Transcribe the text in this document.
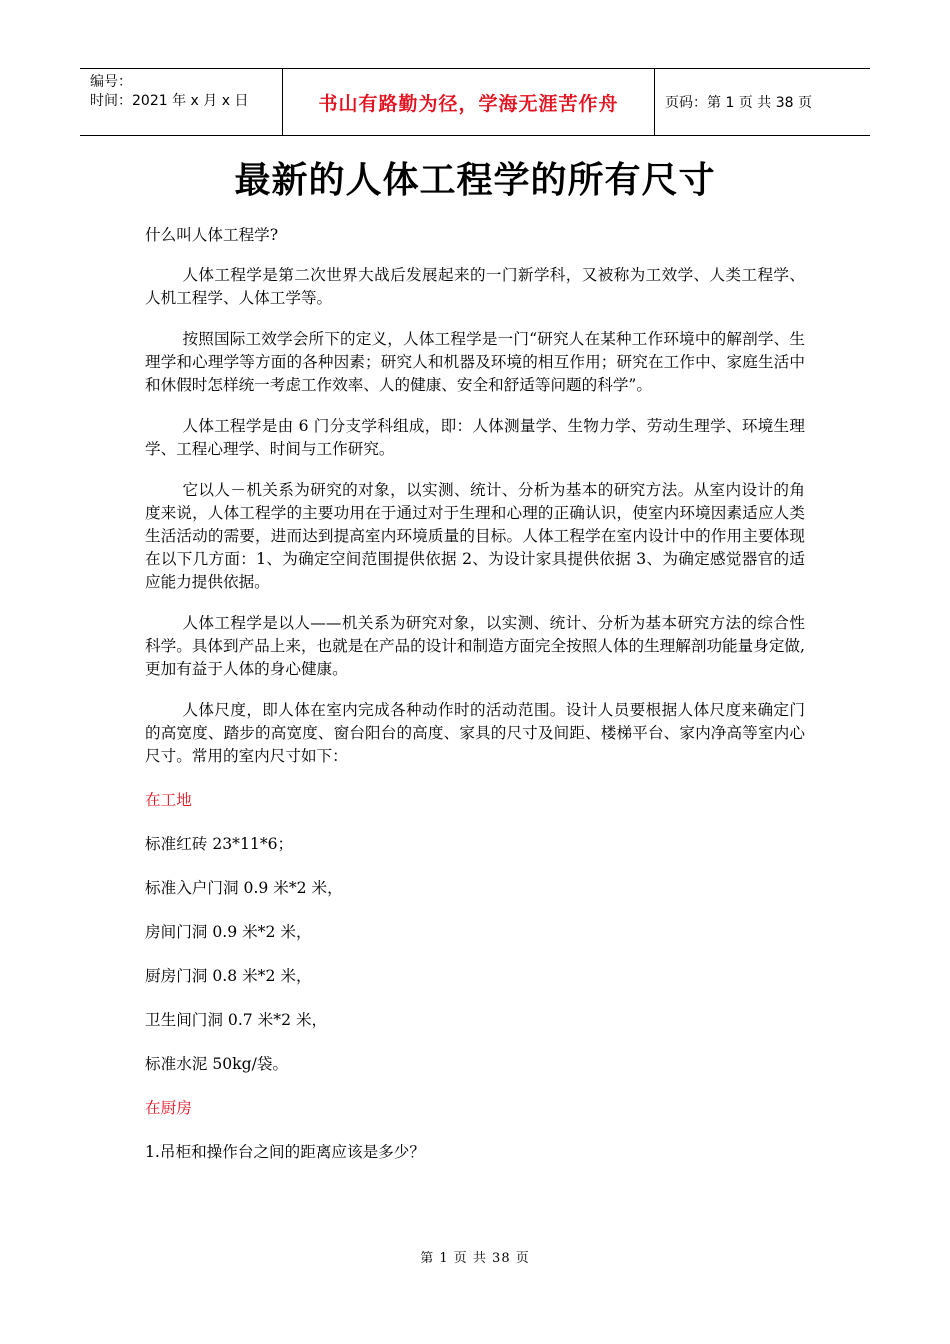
编号：
时间：2021 年 x 月 x 日	书山有路勤为径，学海无涯苦作舟	页码：第 1 页 共 38 页
最新的人体工程学的所有尺寸

什么叫人体工程学?

人体工程学是第二次世界大战后发展起来的一门新学科，又被称为工效学、人类工程学、人机工程学、人体工学等。

按照国际工效学会所下的定义，人体工程学是一门“研究人在某种工作环境中的解剖学、生理学和心理学等方面的各种因素；研究人和机器及环境的相互作用；研究在工作中、家庭生活中和休假时怎样统一考虑工作效率、人的健康、安全和舒适等问题的科学”。

人体工程学是由 6 门分支学科组成，即：人体测量学、生物力学、劳动生理学、环境生理学、工程心理学、时间与工作研究。

它以人－机关系为研究的对象，以实测、统计、分析为基本的研究方法。从室内设计的角度来说，人体工程学的主要功用在于通过对于生理和心理的正确认识，使室内环境因素适应人类生活活动的需要，进而达到提高室内环境质量的目标。人体工程学在室内设计中的作用主要体现在以下几方面：1、为确定空间范围提供依据 2、为设计家具提供依据 3、为确定感觉器官的适应能力提供依据。

人体工程学是以人——机关系为研究对象，以实测、统计、分析为基本研究方法的综合性科学。具体到产品上来，也就是在产品的设计和制造方面完全按照人体的生理解剖功能量身定做,更加有益于人体的身心健康。

人体尺度，即人体在室内完成各种动作时的活动范围。设计人员要根据人体尺度来确定门的高宽度、踏步的高宽度、窗台阳台的高度、家具的尺寸及间距、楼梯平台、家内净高等室内心尺寸。常用的室内尺寸如下：

在工地

标准红砖 23*11*6；

标准入户门洞 0.9 米*2 米，

房间门洞 0.9 米*2 米，

厨房门洞 0.8 米*2 米，

卫生间门洞 0.7 米*2 米，

标准水泥 50kg/袋。

在厨房

1.吊柜和操作台之间的距离应该是多少？

第 1 页 共 38 页
